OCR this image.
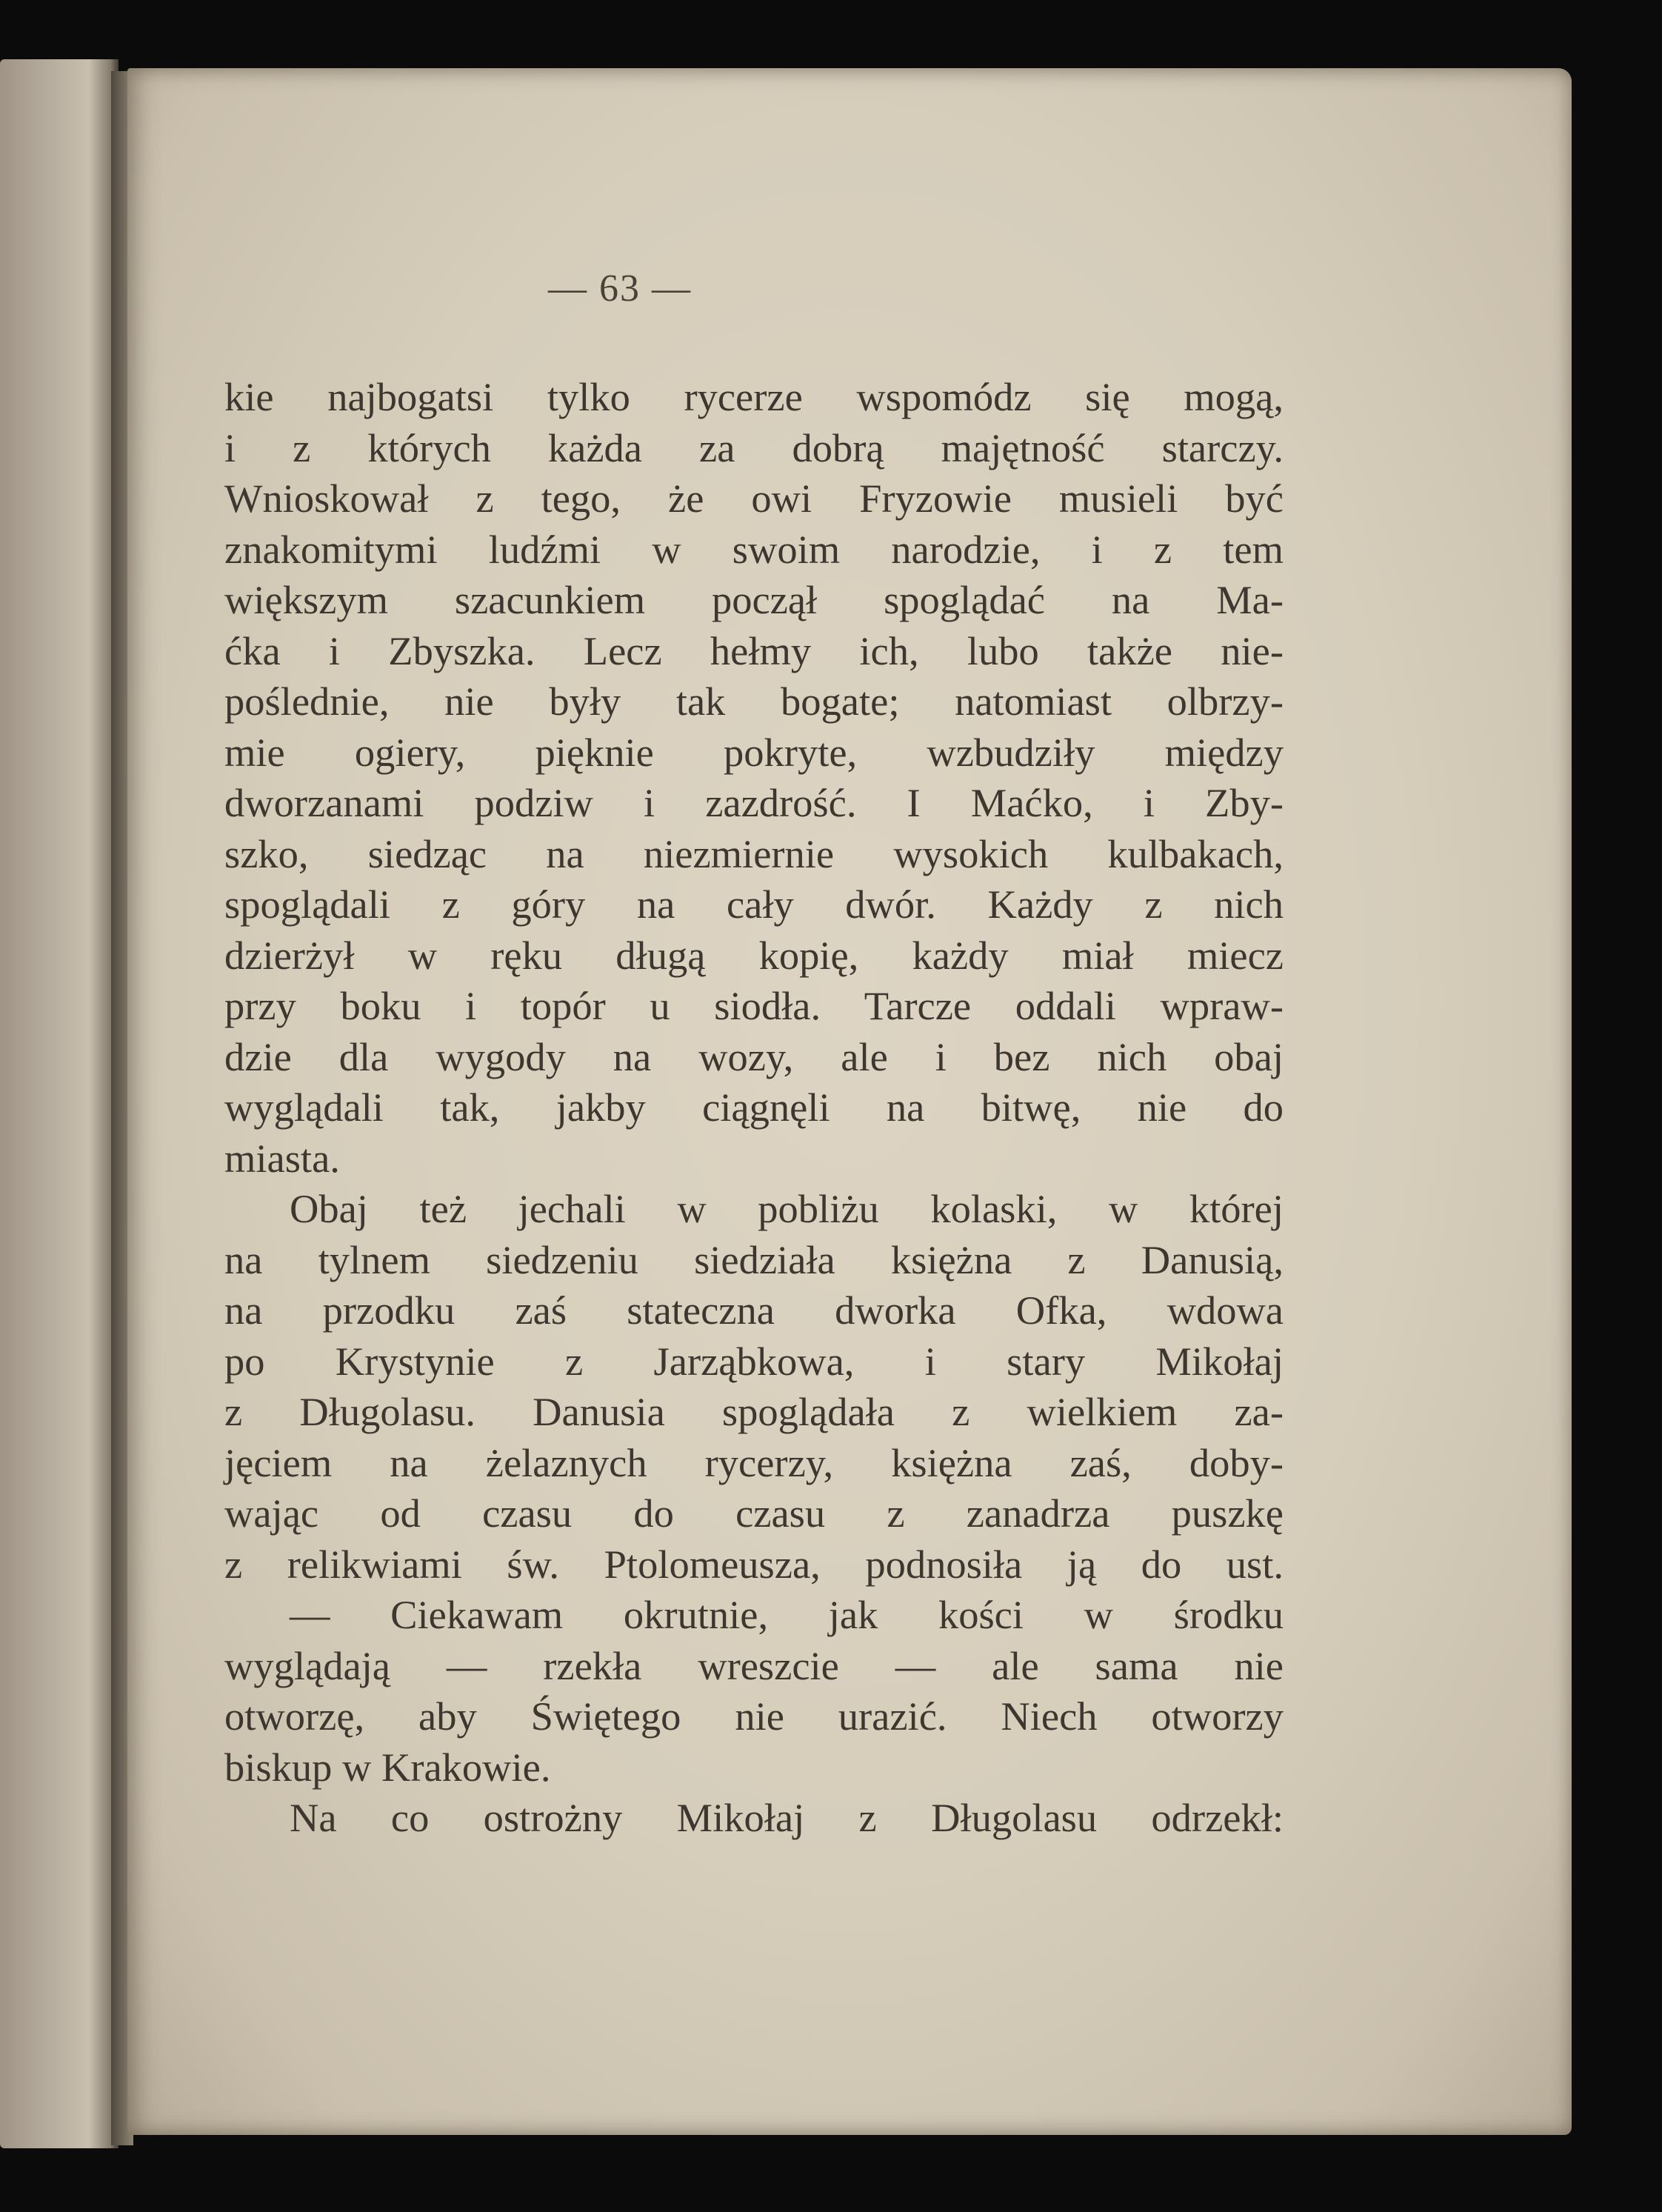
— 63 —
kie najbogatsi tylko rycerze wspomódz się mogą,
i z których każda za dobrą majętność starczy.
Wnioskował z tego, że owi Fryzowie musieli być
znakomitymi ludźmi w swoim narodzie, i z tem
większym szacunkiem począł spoglądać na Ma-
ćka i Zbyszka. Lecz hełmy ich, lubo także nie-
poślednie, nie były tak bogate; natomiast olbrzy-
mie ogiery, pięknie pokryte, wzbudziły między
dworzanami podziw i zazdrość. I Maćko, i Zby-
szko, siedząc na niezmiernie wysokich kulbakach,
spoglądali z góry na cały dwór. Każdy z nich
dzierżył w ręku długą kopię, każdy miał miecz
przy boku i topór u siodła. Tarcze oddali wpraw-
dzie dla wygody na wozy, ale i bez nich obaj
wyglądali tak, jakby ciągnęli na bitwę, nie do
miasta.
Obaj też jechali w pobliżu kolaski, w której
na tylnem siedzeniu siedziała księżna z Danusią,
na przodku zaś stateczna dworka Ofka, wdowa
po Krystynie z Jarząbkowa, i stary Mikołaj
z Długolasu. Danusia spoglądała z wielkiem za-
jęciem na żelaznych rycerzy, księżna zaś, doby-
wając od czasu do czasu z zanadrza puszkę
z relikwiami św. Ptolomeusza, podnosiła ją do ust.
— Ciekawam okrutnie, jak kości w środku
wyglądają — rzekła wreszcie — ale sama nie
otworzę, aby Świętego nie urazić. Niech otworzy
biskup w Krakowie.
Na co ostrożny Mikołaj z Długolasu odrzekł:
